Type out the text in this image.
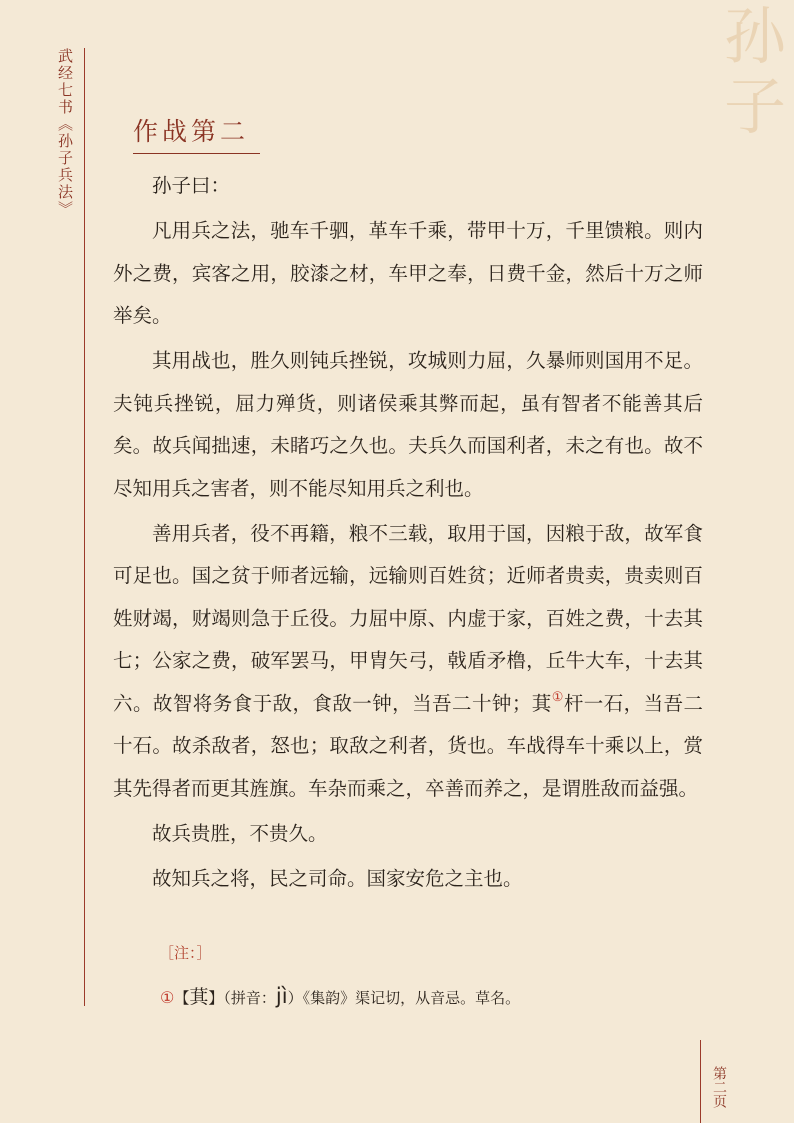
武经七书《孙子兵法》
孙
子
作战第二

孙子曰：

凡用兵之法，驰车千驷，革车千乘，带甲十万，千里馈粮。则内外之费，宾客之用，胶漆之材，车甲之奉，日费千金，然后十万之师举矣。

其用战也，胜久则钝兵挫锐，攻城则力屈，久暴师则国用不足。夫钝兵挫锐，屈力殚货，则诸侯乘其弊而起，虽有智者不能善其后矣。故兵闻拙速，未睹巧之久也。夫兵久而国利者，未之有也。故不尽知用兵之害者，则不能尽知用兵之利也。

善用兵者，役不再籍，粮不三载，取用于国，因粮于敌，故军食可足也。国之贫于师者远输，远输则百姓贫；近师者贵卖，贵卖则百姓财竭，财竭则急于丘役。力屈中原、内虚于家，百姓之费，十去其七；公家之费，破军罢马，甲胄矢弓，戟盾矛橹，丘牛大车，十去其六。故智将务食于敌，食敌一钟，当吾二十钟；萁①杆一石，当吾二十石。故杀敌者，怒也；取敌之利者，货也。车战得车十乘以上，赏其先得者而更其旌旗。车杂而乘之，卒善而养之，是谓胜敌而益强。

故兵贵胜，不贵久。

故知兵之将，民之司命。国家安危之主也。

［注：］
①【萁】（拼音：jì）《集韵》渠记切，从音忌。草名。
第二页
